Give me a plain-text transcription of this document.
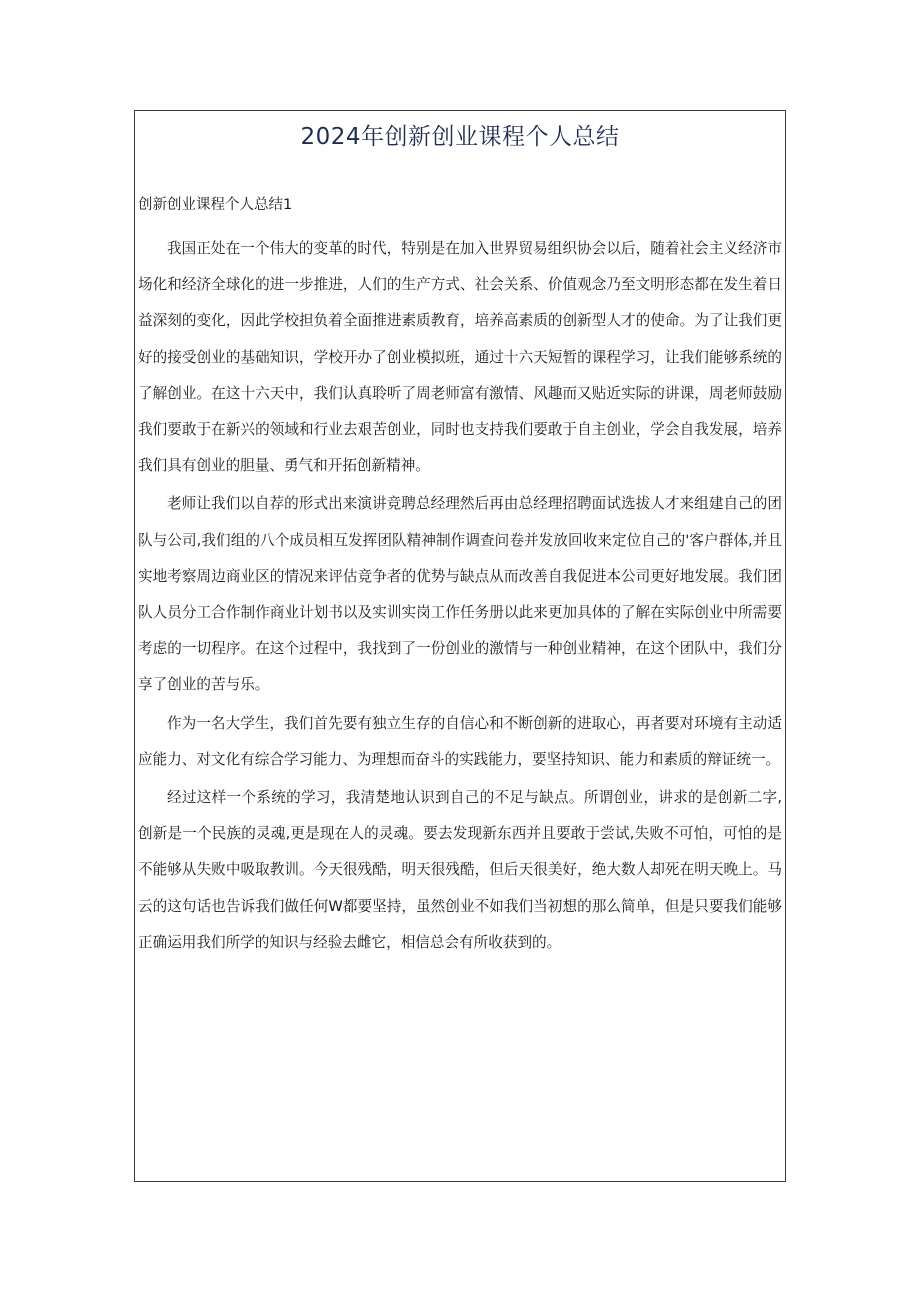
2024年创新创业课程个人总结
创新创业课程个人总结1

我国正处在一个伟大的变革的时代，特别是在加入世界贸易组织协会以后，随着社会主义经济市场化和经济全球化的进一步推进，人们的生产方式、社会关系、价值观念乃至文明形态都在发生着日益深刻的变化，因此学校担负着全面推进素质教育，培养高素质的创新型人才的使命。为了让我们更好的接受创业的基础知识，学校开办了创业模拟班，通过十六天短暂的课程学习，让我们能够系统的了解创业。在这十六天中，我们认真聆听了周老师富有激情、风趣而又贴近实际的讲课，周老师鼓励我们要敢于在新兴的领域和行业去艰苦创业，同时也支持我们要敢于自主创业，学会自我发展，培养我们具有创业的胆量、勇气和开拓创新精神。

老师让我们以自荐的形式出来演讲竞聘总经理然后再由总经理招聘面试选拔人才来组建自己的团队与公司,我们组的八个成员相互发挥团队精神制作调查问卷并发放回收来定位自己的'客户群体,并且实地考察周边商业区的情况来评估竞争者的优势与缺点从而改善自我促进本公司更好地发展。我们团队人员分工合作制作商业计划书以及实训实岗工作任务册以此来更加具体的了解在实际创业中所需要考虑的一切程序。在这个过程中，我找到了一份创业的激情与一种创业精神，在这个团队中，我们分享了创业的苦与乐。

作为一名大学生，我们首先要有独立生存的自信心和不断创新的进取心，再者要对环境有主动适应能力、对文化有综合学习能力、为理想而奋斗的实践能力，要坚持知识、能力和素质的辩证统一。

经过这样一个系统的学习，我清楚地认识到自己的不足与缺点。所谓创业，讲求的是创新二字,创新是一个民族的灵魂,更是现在人的灵魂。要去发现新东西并且要敢于尝试,失败不可怕，可怕的是不能够从失败中吸取教训。今天很残酷，明天很残酷，但后天很美好，绝大数人却死在明天晚上。马云的这句话也告诉我们做任何W都要坚持，虽然创业不如我们当初想的那么简单，但是只要我们能够正确运用我们所学的知识与经验去雌它，相信总会有所收获到的。
